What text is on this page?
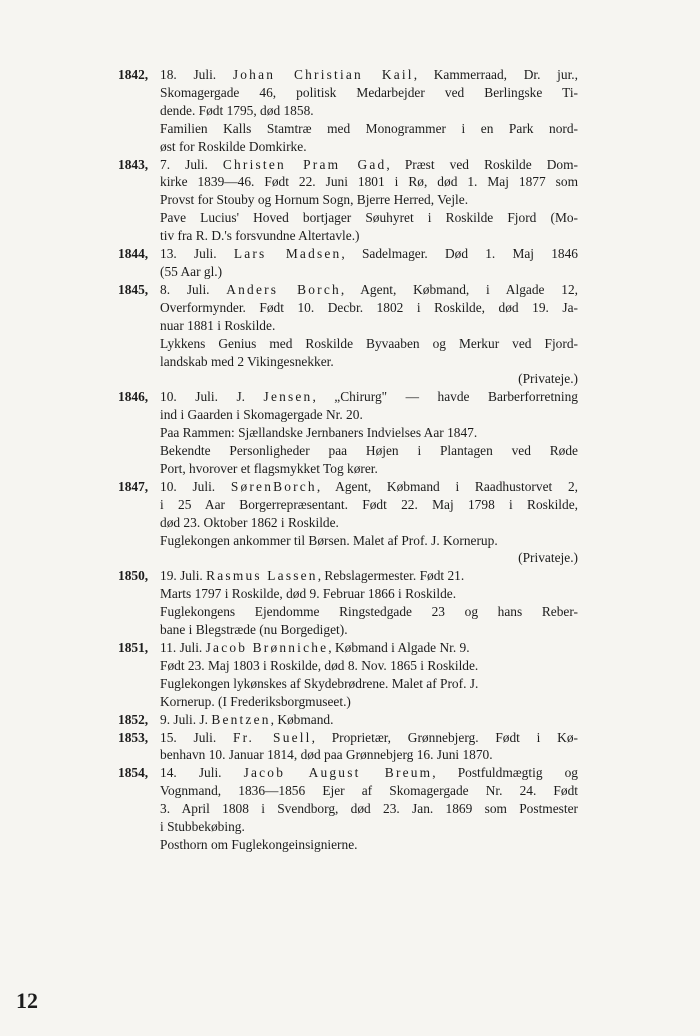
1842, 18. Juli. Johan Christian Kail, Kammerraad, Dr. jur.,
Skomagergade 46, politisk Medarbejder ved Berlingske Ti-
dende. Født 1795, død 1858.
Familien Kalls Stamtræ med Monogrammer i en Park nord-
øst for Roskilde Domkirke.
1843, 7. Juli. Christen Pram Gad, Præst ved Roskilde Dom-
kirke 1839—46. Født 22. Juni 1801 i Rø, død 1. Maj 1877 som
Provst for Stouby og Hornum Sogn, Bjerre Herred, Vejle.
Pave Lucius' Hoved bortjager Søuhyret i Roskilde Fjord (Mo-
tiv fra R. D.'s forsvundne Altertavle.)
1844, 13. Juli. Lars Madsen, Sadelmager. Død 1. Maj 1846
(55 Aar gl.)
1845, 8. Juli. Anders Borch, Agent, Købmand, i Algade 12,
Overformynder. Født 10. Decbr. 1802 i Roskilde, død 19. Ja-
nuar 1881 i Roskilde.
Lykkens Genius med Roskilde Byvaaben og Merkur ved Fjord-
landskab med 2 Vikingesnekker.
(Privateje.)
1846, 10. Juli. J. Jensen, „Chirurg" — havde Barberforretning
ind i Gaarden i Skomagergade Nr. 20.
Paa Rammen: Sjællandske Jernbaners Indvielses Aar 1847.
Bekendte Personligheder paa Højen i Plantagen ved Røde
Port, hvorover et flagsmykket Tog kører.
1847, 10. Juli. SørenBorch, Agent, Købmand i Raadhustorvet 2,
i 25 Aar Borgerrepræsentant. Født 22. Maj 1798 i Roskilde,
død 23. Oktober 1862 i Roskilde.
Fuglekongen ankommer til Børsen. Malet af Prof. J. Kornerup.
(Privateje.)
1850, 19. Juli. Rasmus Lassen, Rebslagermester. Født 21.
Marts 1797 i Roskilde, død 9. Februar 1866 i Roskilde.
Fuglekongens Ejendomme Ringstedgade 23 og hans Reber-
bane i Blegstræde (nu Borgediget).
1851, 11. Juli. Jacob Brønniche, Købmand i Algade Nr. 9.
Født 23. Maj 1803 i Roskilde, død 8. Nov. 1865 i Roskilde.
Fuglekongen lykønskes af Skydebrødrene. Malet af Prof. J.
Kornerup. (I Frederiksborgmuseet.)
1852, 9. Juli. J. Bentzen, Købmand.
1853, 15. Juli. Fr. Suell, Proprietær, Grønnebjerg. Født i Kø-
benhavn 10. Januar 1814, død paa Grønnebjerg 16. Juni 1870.
1854, 14. Juli. Jacob August Breum, Postfuldmægtig og
Vognmand, 1836—1856 Ejer af Skomagergade Nr. 24. Født
3. April 1808 i Svendborg, død 23. Jan. 1869 som Postmester
i Stubbekøbing.
Posthorn om Fuglekongeinsignierne.
12
